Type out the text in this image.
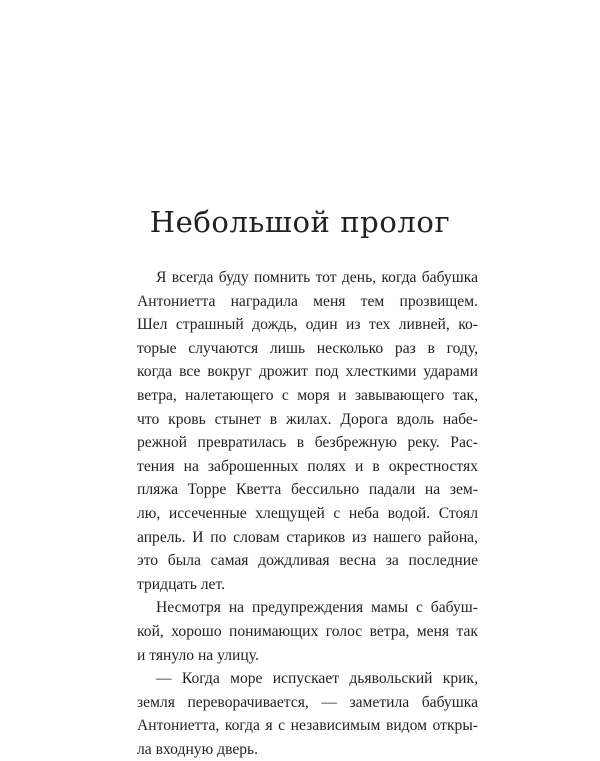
Небольшой пролог
Я всегда буду помнить тот день, когда бабушка
Антониетта наградила меня тем прозвищем.
Шел страшный дождь, один из тех ливней, ко-
торые случаются лишь несколько раз в году,
когда все вокруг дрожит под хлесткими ударами
ветра, налетающего с моря и завывающего так,
что кровь стынет в жилах. Дорога вдоль набе-
режной превратилась в безбрежную реку. Рас-
тения на заброшенных полях и в окрестностях
пляжа Торре Кветта бессильно падали на зем-
лю, иссеченные хлещущей с неба водой. Стоял
апрель. И по словам стариков из нашего района,
это была самая дождливая весна за последние
тридцать лет.
Несмотря на предупреждения мамы с бабуш-
кой, хорошо понимающих голос ветра, меня так
и тянуло на улицу.
— Когда море испускает дьявольский крик,
земля переворачивается, — заметила бабушка
Антониетта, когда я с независимым видом откры-
ла входную дверь.
